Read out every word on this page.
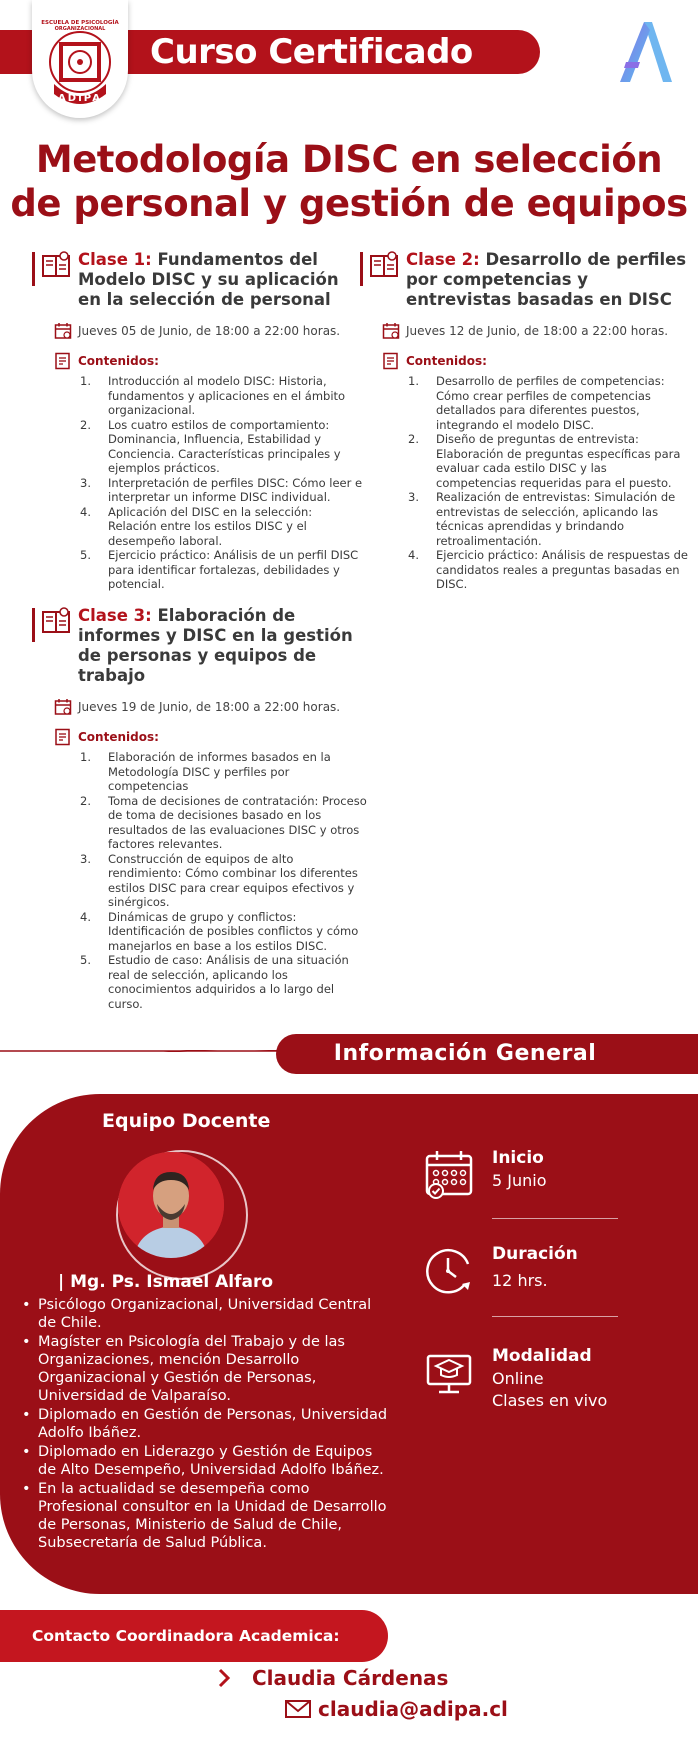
Curso Certificado
ESCUELA DE PSICOLOGÍA
ORGANIZACIONAL
ADIPA
Metodología DISC en selección
de personal y gestión de equipos
Clase 1: Fundamentos del Modelo DISC y su aplicación en la selección de personal
Jueves 05 de Junio, de 18:00 a 22:00 horas.
Contenidos:
1. Introducción al modelo DISC: Historia, fundamentos y aplicaciones en el ámbito organizacional.
2. Los cuatro estilos de comportamiento: Dominancia, Influencia, Estabilidad y Conciencia. Características principales y ejemplos prácticos.
3. Interpretación de perfiles DISC: Cómo leer e interpretar un informe DISC individual.
4. Aplicación del DISC en la selección: Relación entre los estilos DISC y el desempeño laboral.
5. Ejercicio práctico: Análisis de un perfil DISC para identificar fortalezas, debilidades y potencial.
Clase 2: Desarrollo de perfiles por competencias y entrevistas basadas en DISC
Jueves 12 de Junio, de 18:00 a 22:00 horas.
Contenidos:
1. Desarrollo de perfiles de competencias: Cómo crear perfiles de competencias detallados para diferentes puestos, integrando el modelo DISC.
2. Diseño de preguntas de entrevista: Elaboración de preguntas específicas para evaluar cada estilo DISC y las competencias requeridas para el puesto.
3. Realización de entrevistas: Simulación de entrevistas de selección, aplicando las técnicas aprendidas y brindando retroalimentación.
4. Ejercicio práctico: Análisis de respuestas de candidatos reales a preguntas basadas en DISC.
Clase 3: Elaboración de informes y DISC en la gestión de personas y equipos de trabajo
Jueves 19 de Junio, de 18:00 a 22:00 horas.
Contenidos:
1. Elaboración de informes basados en la Metodología DISC y perfiles por competencias
2. Toma de decisiones de contratación: Proceso de toma de decisiones basado en los resultados de las evaluaciones DISC y otros factores relevantes.
3. Construcción de equipos de alto rendimiento: Cómo combinar los diferentes estilos DISC para crear equipos efectivos y sinérgicos.
4. Dinámicas de grupo y conflictos: Identificación de posibles conflictos y cómo manejarlos en base a los estilos DISC.
5. Estudio de caso: Análisis de una situación real de selección, aplicando los conocimientos adquiridos a lo largo del curso.
Información General
Equipo Docente
| Mg. Ps. Ismael Alfaro
• Psicólogo Organizacional, Universidad Central de Chile.
• Magíster en Psicología del Trabajo y de las Organizaciones, mención Desarrollo Organizacional y Gestión de Personas, Universidad de Valparaíso.
• Diplomado en Gestión de Personas, Universidad Adolfo Ibáñez.
• Diplomado en Liderazgo y Gestión de Equipos de Alto Desempeño, Universidad Adolfo Ibáñez.
• En la actualidad se desempeña como Profesional consultor en la Unidad de Desarrollo de Personas, Ministerio de Salud de Chile, Subsecretaría de Salud Pública.
Inicio
5 Junio
Duración
12 hrs.
Modalidad
Online
Clases en vivo
Contacto Coordinadora Academica:
Claudia Cárdenas
claudia@adipa.cl
